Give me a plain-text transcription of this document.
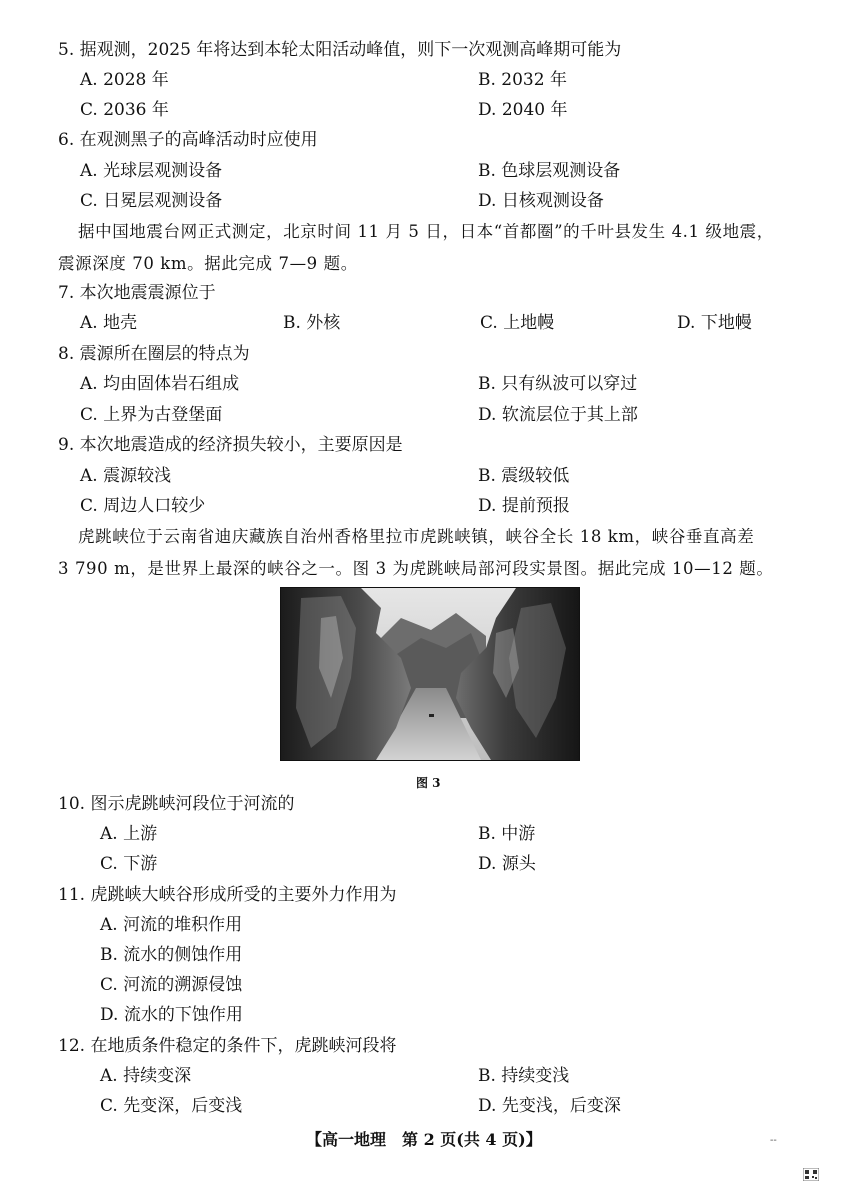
5. 据观测，2025 年将达到本轮太阳活动峰值，则下一次观测高峰期可能为
A. 2028 年	B. 2032 年
C. 2036 年	D. 2040 年
6. 在观测黑子的高峰活动时应使用
A. 光球层观测设备	B. 色球层观测设备
C. 日冕层观测设备	D. 日核观测设备
据中国地震台网正式测定，北京时间 11 月 5 日，日本“首都圈”的千叶县发生 4.1 级地震，
震源深度 70 km。据此完成 7—9 题。
7. 本次地震震源位于
A. 地壳	B. 外核	C. 上地幔	D. 下地幔
8. 震源所在圈层的特点为
A. 均由固体岩石组成	B. 只有纵波可以穿过
C. 上界为古登堡面	D. 软流层位于其上部
9. 本次地震造成的经济损失较小，主要原因是
A. 震源较浅	B. 震级较低
C. 周边人口较少	D. 提前预报
虎跳峡位于云南省迪庆藏族自治州香格里拉市虎跳峡镇，峡谷全长 18 km，峡谷垂直高差
3 790 m，是世界上最深的峡谷之一。图 3 为虎跳峡局部河段实景图。据此完成 10—12 题。
图 3
10. 图示虎跳峡河段位于河流的
A. 上游	B. 中游
C. 下游	D. 源头
11. 虎跳峡大峡谷形成所受的主要外力作用为
A. 河流的堆积作用
B. 流水的侧蚀作用
C. 河流的溯源侵蚀
D. 流水的下蚀作用
12. 在地质条件稳定的条件下，虎跳峡河段将
A. 持续变深	B. 持续变浅
C. 先变深，后变浅	D. 先变浅，后变深
【高一地理　第 2 页(共 4 页)】	--
